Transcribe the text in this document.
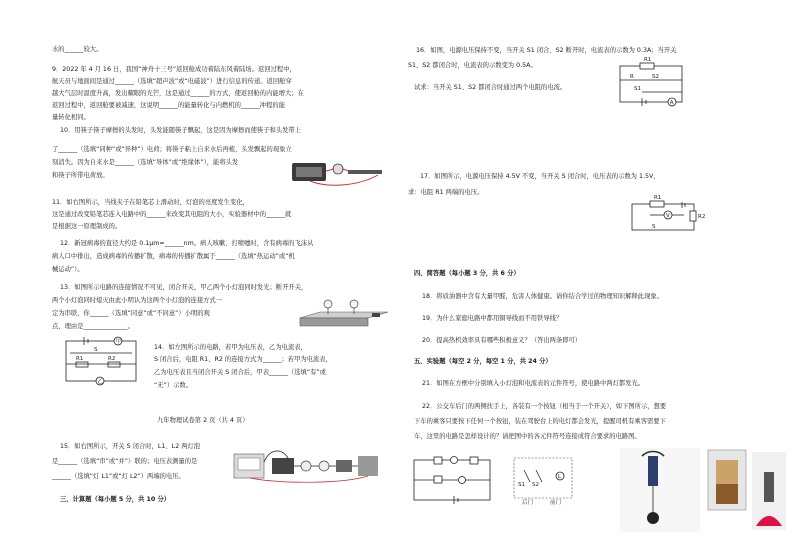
水的______较大。
9．2022 年 4 月 16 日，我国“神舟十三号”返回舱成功着陆东风着陆场。返回过程中，
航天员与地面间是通过______（选填“超声波”或“电磁波”）进行信息的传递。返回舱穿
越大气层时温度升高，发出耀眼的光芒，这是通过______的方式，使返回舱的内能增大；在
返回过程中，返回舱要被减速，这说明______的能量转化与内燃机的______冲程的能
量转化相同。
10．用筷子筷子摩擦的头发时，头发能随筷子飘起，这是因为摩擦而使筷子和头发带上
了______（选填“同种”或“异种”）电荷；将筷子粘上自来水后再梳，头发飘起的现象立
刻消失。因为自来水是______（选填“导体”或“绝缘体”），能将头发
和筷子所带电荷放。
11．如右图所示，当线夹子在铅笔芯上滑动时，灯泡的亮度发生变化，
这是通过改变铅笔芯连入电路中的______来改变其电阻的大小，实验器材中的______就
是根据这一原理制成的。
12．新冠病毒的直径大约是 0.1μm=______nm。病人咳嗽、打喷嚏时，含有病毒的飞沫从
病人口中排出，造成病毒的传播扩散，病毒的传播扩散属于______（选填“热运动”或“机
械运动”）。
13．如图所示电路的连接情况不可见，闭合开关，甲乙两个小灯泡同时发光；断开开关，
两个小灯泡同时熄灭由此小明认为这两个小灯泡的连接方式一
定为串联，你______（选填“同意”或“不同意”）小明的观
点，理由是______________。
甲
S
R1	R2
乙
14．如左图所示的电路，若甲为电压表，乙为电流表，
S 闭合后，电阻 R1、R2 的连接方式为______；若甲为电流表，
乙为电压表且当闭合开关 S 闭合后，甲表______（选填“有”或
“无”）示数。
九年物理试卷第 2 页（共 4 页）
15．如右图所示，开关 S 闭合时，L1、L2 两灯泡
是______（选填“串”或“并”）联的；电压表测量的是
______（选填“灯 L1”或“灯 L2”）两端的电压。
三、计算题（每小题 5 分，共 10 分）
16．如图，电源电压保持不变，当开关 S1 闭合、S2 断开时，电流表的示数为 0.3A；当开关
S1、S2 都闭合时，电流表的示数变为 0.5A。
试求：当开关 S1、S2 都闭合时通过两个电阻的电流。
R1
R	S2
S1
A
17．如图所示，电源电压保持 4.5V 不变，当开关 S 闭合时，电压表的示数为 1.5V，
求：电阻 R1 两端的电压。
R1
V	R2
S
四、简答题（每小题 3 分，共 6 分）
18．将质油器中含有大量甲醛，危害人体健康。请你结合学过的物理知识解释此现象。
19．为什么家庭电路中都用铜导线而不用铁导线？
20．提高热机效率具有哪些积极意义？（答出两条即可）
五、实验题（每空 2 分，每空 1 分，共 24 分）
21．如图在方框中分别填入小灯泡和电流表的元件符号，使电路中两灯都发光。
22．公交车后门的两侧扶手上，各装有一个按钮（相当于一个开关），如下图所示，想要
下车的乘客只要按下任何一个按钮，装在驾驶台上的电灯都会发光，提醒司机有乘客需要下
车，这里的电路是怎样设计的？请把图中的各元件符号连接成符合要求的电路图。
S1 S2
L
后门	前门
